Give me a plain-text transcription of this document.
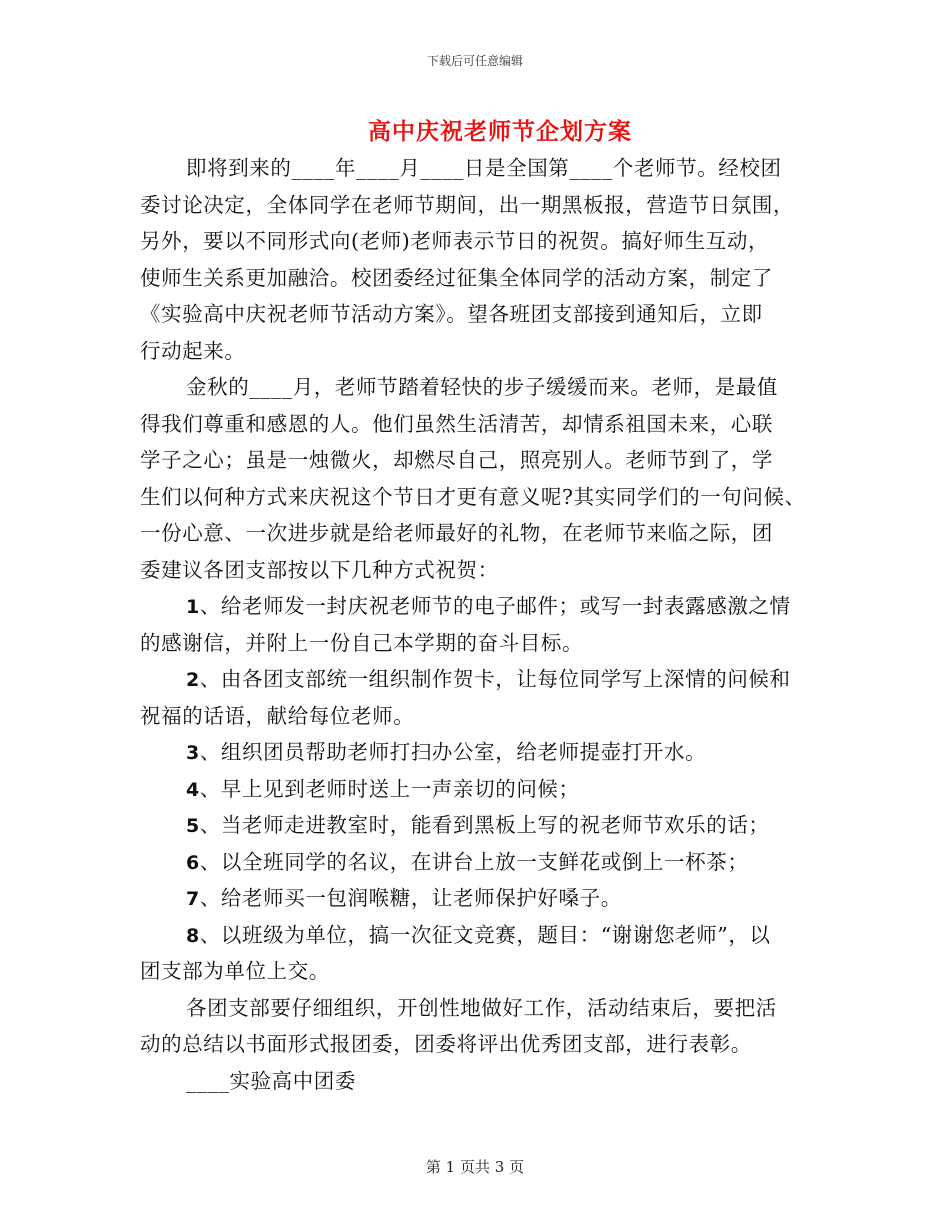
下载后可任意编辑
高中庆祝老师节企划方案
即将到来的____年____月____日是全国第____个老师节。经校团
委讨论决定，全体同学在老师节期间，出一期黑板报，营造节日氛围，
另外，要以不同形式向(老师)老师表示节日的祝贺。搞好师生互动，
使师生关系更加融洽。校团委经过征集全体同学的活动方案，制定了
《实验高中庆祝老师节活动方案》。望各班团支部接到通知后，立即
行动起来。
金秋的____月，老师节踏着轻快的步子缓缓而来。老师，是最值
得我们尊重和感恩的人。他们虽然生活清苦，却情系祖国未来，心联
学子之心；虽是一烛微火，却燃尽自己，照亮别人。老师节到了，学
生们以何种方式来庆祝这个节日才更有意义呢?其实同学们的一句问候、
一份心意、一次进步就是给老师最好的礼物，在老师节来临之际，团
委建议各团支部按以下几种方式祝贺：
1、给老师发一封庆祝老师节的电子邮件；或写一封表露感激之情
的感谢信，并附上一份自己本学期的奋斗目标。
2、由各团支部统一组织制作贺卡，让每位同学写上深情的问候和
祝福的话语，献给每位老师。
3、组织团员帮助老师打扫办公室，给老师提壶打开水。
4、早上见到老师时送上一声亲切的问候；
5、当老师走进教室时，能看到黑板上写的祝老师节欢乐的话；
6、以全班同学的名议，在讲台上放一支鲜花或倒上一杯茶；
7、给老师买一包润喉糖，让老师保护好嗓子。
8、以班级为单位，搞一次征文竞赛，题目：“谢谢您老师”，以
团支部为单位上交。
各团支部要仔细组织，开创性地做好工作，活动结束后，要把活
动的总结以书面形式报团委，团委将评出优秀团支部，进行表彰。
____实验高中团委
第 1 页共 3 页
